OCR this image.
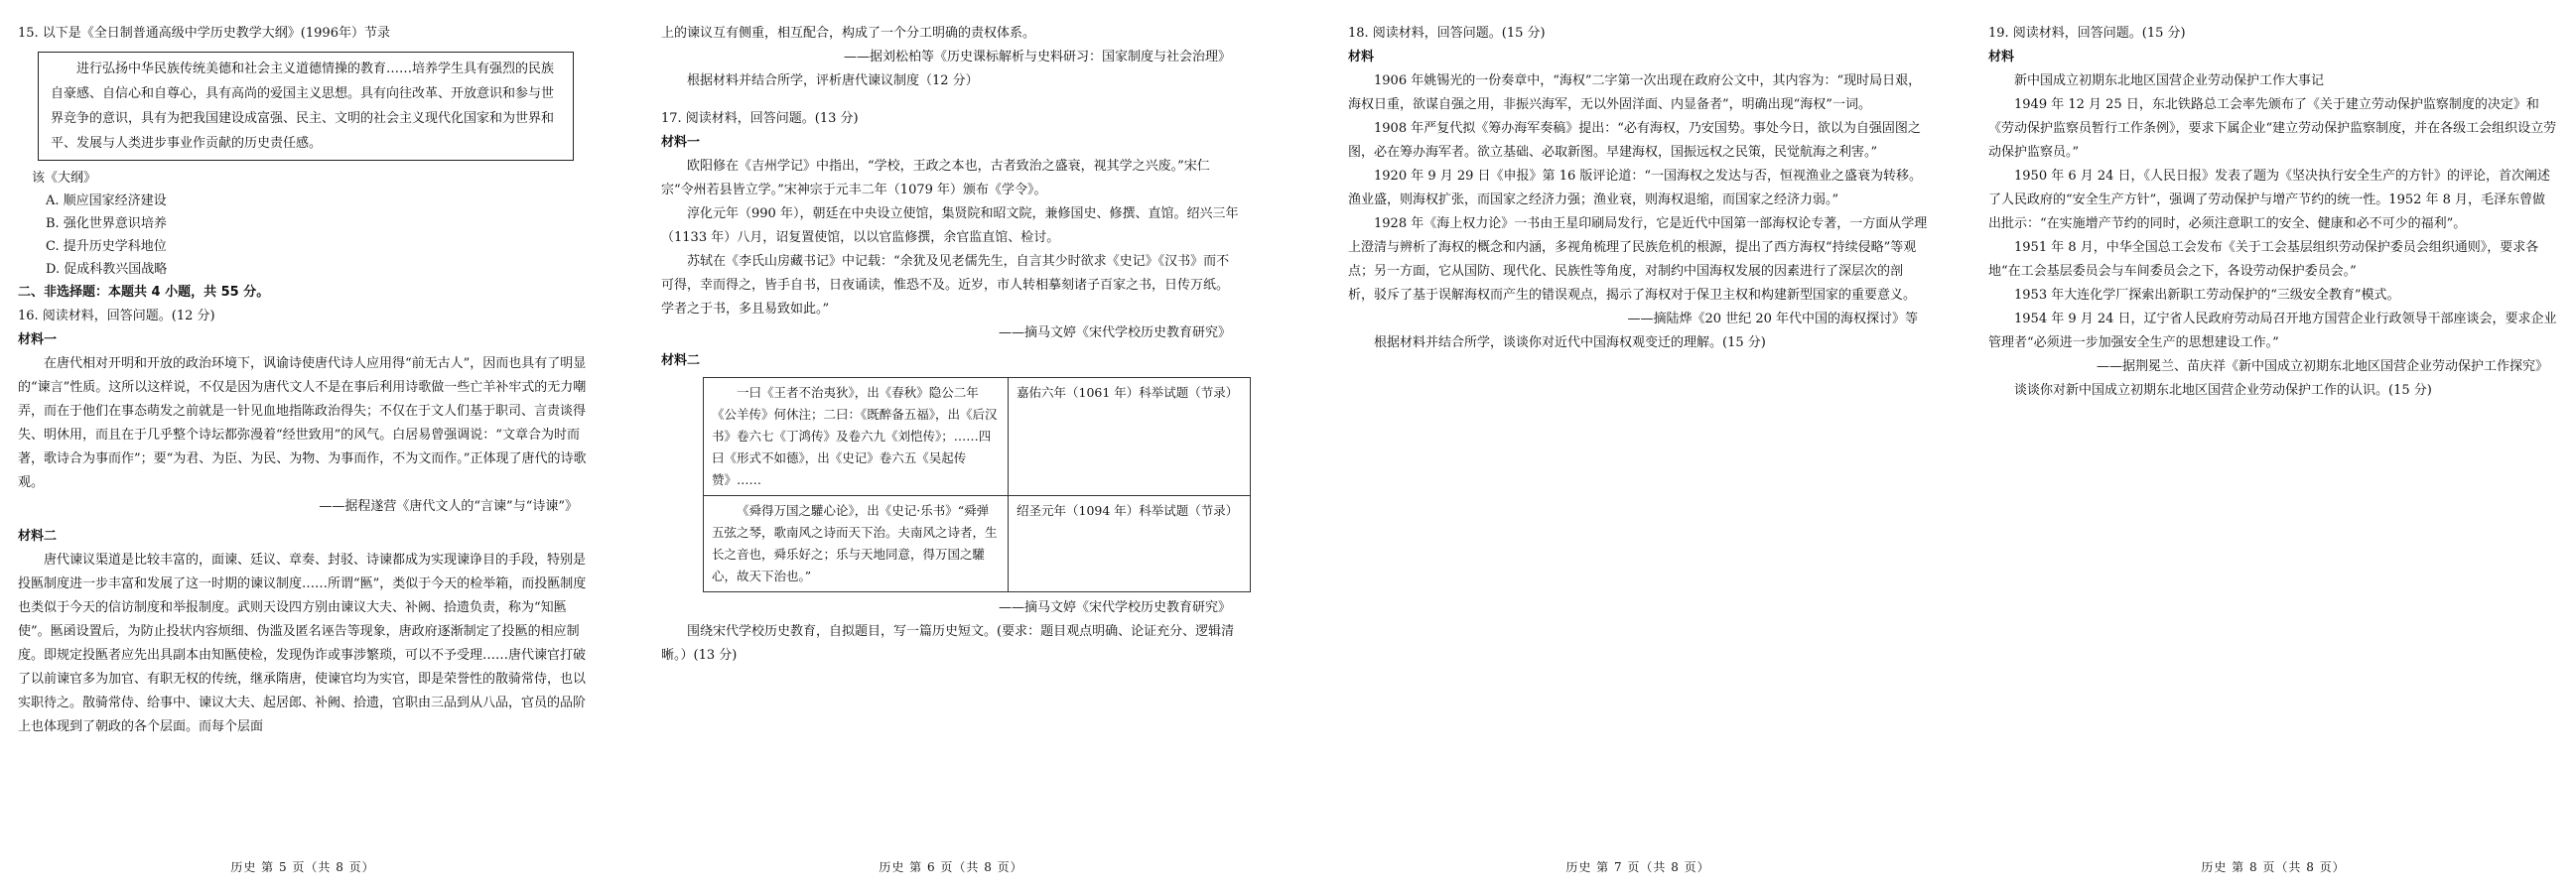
15. 以下是《全日制普通高级中学历史教学大纲》(1996年）节录

进行弘扬中华民族传统美德和社会主义道德情操的教育……培养学生具有强烈的民族自豪感、自信心和自尊心，具有高尚的爱国主义思想。具有向往改革、开放意识和参与世界竞争的意识，具有为把我国建设成富强、民主、文明的社会主义现代化国家和为世界和平、发展与人类进步事业作贡献的历史责任感。

该《大纲》

A. 顺应国家经济建设

B. 强化世界意识培养

C. 提升历史学科地位

D. 促成科教兴国战略

二、非选择题：本题共 4 小题，共 55 分。

16. 阅读材料，回答问题。(12 分)

材料一

在唐代相对开明和开放的政治环境下，讽谕诗使唐代诗人应用得“前无古人”，因而也具有了明显的“谏言”性质。这所以这样说，不仅是因为唐代文人不是在事后利用诗歌做一些亡羊补牢式的无力嘲弄，而在于他们在事态萌发之前就是一针见血地指陈政治得失；不仅在于文人们基于职司、言责谈得失、明休用，而且在于几乎整个诗坛都弥漫着“经世致用”的风气。白居易曾强调说：“文章合为时而著，歌诗合为事而作”；要“为君、为臣、为民、为物、为事而作，不为文而作。”正体现了唐代的诗歌观。

——据程遂营《唐代文人的“言谏”与“诗谏”》

材料二

唐代谏议渠道是比较丰富的，面谏、廷议、章奏、封驳、诗谏都成为实现谏诤目的手段，特别是投匦制度进一步丰富和发展了这一时期的谏议制度……所谓“匦”，类似于今天的检举箱，而投匦制度也类似于今天的信访制度和举报制度。武则天设四方别由谏议大夫、补阙、拾遗负责，称为“知匦使”。匦函设置后，为防止投状内容烦细、伪滥及匿名诬告等现象，唐政府逐渐制定了投匦的相应制度。即规定投匦者应先出具副本由知匦使检，发现伪诈或事涉繁琐，可以不予受理……唐代谏官打破了以前谏官多为加官、有职无权的传统，继承隋唐，使谏官均为实官，即是荣誉性的散骑常侍，也以实职待之。散骑常侍、给事中、谏议大夫、起居郎、补阙、拾遗，官职由三品到从八品，官员的品阶上也体现到了朝政的各个层面。而每个层面

历史 第 5 页（共 8 页）

上的谏议互有侧重，相互配合，构成了一个分工明确的责权体系。

——据刘松柏等《历史课标解析与史料研习：国家制度与社会治理》

根据材料并结合所学，评析唐代谏议制度（12 分）

17. 阅读材料，回答问题。(13 分)

材料一

欧阳修在《吉州学记》中指出，“学校，王政之本也，古者致治之盛衰，视其学之兴废。”宋仁宗“令州若县皆立学。”宋神宗于元丰二年（1079 年）颁布《学令》。

淳化元年（990 年），朝廷在中央设立使馆，集贤院和昭文院，兼修国史、修撰、直馆。绍兴三年（1133 年）八月，诏复置使馆，以以官监修撰，余官监直馆、检讨。

苏轼在《李氏山房藏书记》中记载：“余犹及见老儒先生，自言其少时欲求《史记》《汉书》而不可得，幸而得之，皆手自书，日夜诵读，惟恐不及。近岁，市人转相摹刻诸子百家之书，日传万纸。学者之于书，多且易致如此。”

——摘马文婷《宋代学校历史教育研究》

材料二

一曰《王者不治夷狄》，出《春秋》隐公二年《公羊传》何休注；二曰：《既醉备五福》，出《后汉书》卷六七《丁鸿传》及卷六九《刘恺传》；……四曰《形式不如德》，出《史记》卷六五《吴起传赞》……	嘉佑六年（1061 年）科举试题（节录）
《舜得万国之驩心论》，出《史记·乐书》“舜弹五弦之琴，歌南风之诗而天下治。夫南风之诗者，生长之音也，舜乐好之；乐与天地同意，得万国之驩心，故天下治也。”	绍圣元年（1094 年）科举试题（节录）

——摘马文婷《宋代学校历史教育研究》

围绕宋代学校历史教育，自拟题目，写一篇历史短文。(要求：题目观点明确、论证充分、逻辑清晰。）(13 分)

历史 第 6 页（共 8 页）

18. 阅读材料，回答问题。(15 分)

材料

1906 年姚锡光的一份奏章中，“海权”二字第一次出现在政府公文中，其内容为：“现时局日艰，海权日重，欲谋自强之用，非振兴海军，无以外固洋面、内显备者”，明确出现“海权”一词。

1908 年严复代拟《筹办海军奏稿》提出：“必有海权，乃安国势。事处今日，欲以为自强固图之图，必在筹办海军者。欲立基础、必取新图。早建海权，国振远权之民策，民觉航海之利害。”

1920 年 9 月 29 日《申报》第 16 版评论道：“一国海权之发达与否，恒视渔业之盛衰为转移。渔业盛，则海权扩张，而国家之经济力强；渔业衰，则海权退缩，而国家之经济力弱。”

1928 年《海上权力论》一书由王星印刷局发行，它是近代中国第一部海权论专著，一方面从学理上澄清与辨析了海权的概念和内涵，多视角梳理了民族危机的根源，提出了西方海权“持续侵略”等观点；另一方面，它从国防、现代化、民族性等角度，对制约中国海权发展的因素进行了深层次的剖析，驳斥了基于误解海权而产生的错误观点，揭示了海权对于保卫主权和构建新型国家的重要意义。

——摘陆烨《20 世纪 20 年代中国的海权探讨》等

根据材料并结合所学，谈谈你对近代中国海权观变迁的理解。(15 分)

历史 第 7 页（共 8 页）

19. 阅读材料，回答问题。(15 分)

材料

新中国成立初期东北地区国营企业劳动保护工作大事记

1949 年 12 月 25 日，东北铁路总工会率先颁布了《关于建立劳动保护监察制度的决定》和《劳动保护监察员暂行工作条例》，要求下属企业“建立劳动保护监察制度，并在各级工会组织设立劳动保护监察员。”

1950 年 6 月 24 日，《人民日报》发表了题为《坚决执行安全生产的方针》的评论，首次阐述了人民政府的“安全生产方针”，强调了劳动保护与增产节约的统一性。1952 年 8 月，毛泽东曾做出批示：“在实施增产节约的同时，必须注意职工的安全、健康和必不可少的福利”。

1951 年 8 月，中华全国总工会发布《关于工会基层组织劳动保护委员会组织通则》，要求各地“在工会基层委员会与车间委员会之下，各设劳动保护委员会。”

1953 年大连化学厂探索出新职工劳动保护的“三级安全教育”模式。

1954 年 9 月 24 日，辽宁省人民政府劳动局召开地方国营企业行政领导干部座谈会，要求企业管理者“必须进一步加强安全生产的思想建设工作。”

——据荆冕兰、苗庆祥《新中国成立初期东北地区国营企业劳动保护工作探究》

谈谈你对新中国成立初期东北地区国营企业劳动保护工作的认识。(15 分)

历史 第 8 页（共 8 页）
